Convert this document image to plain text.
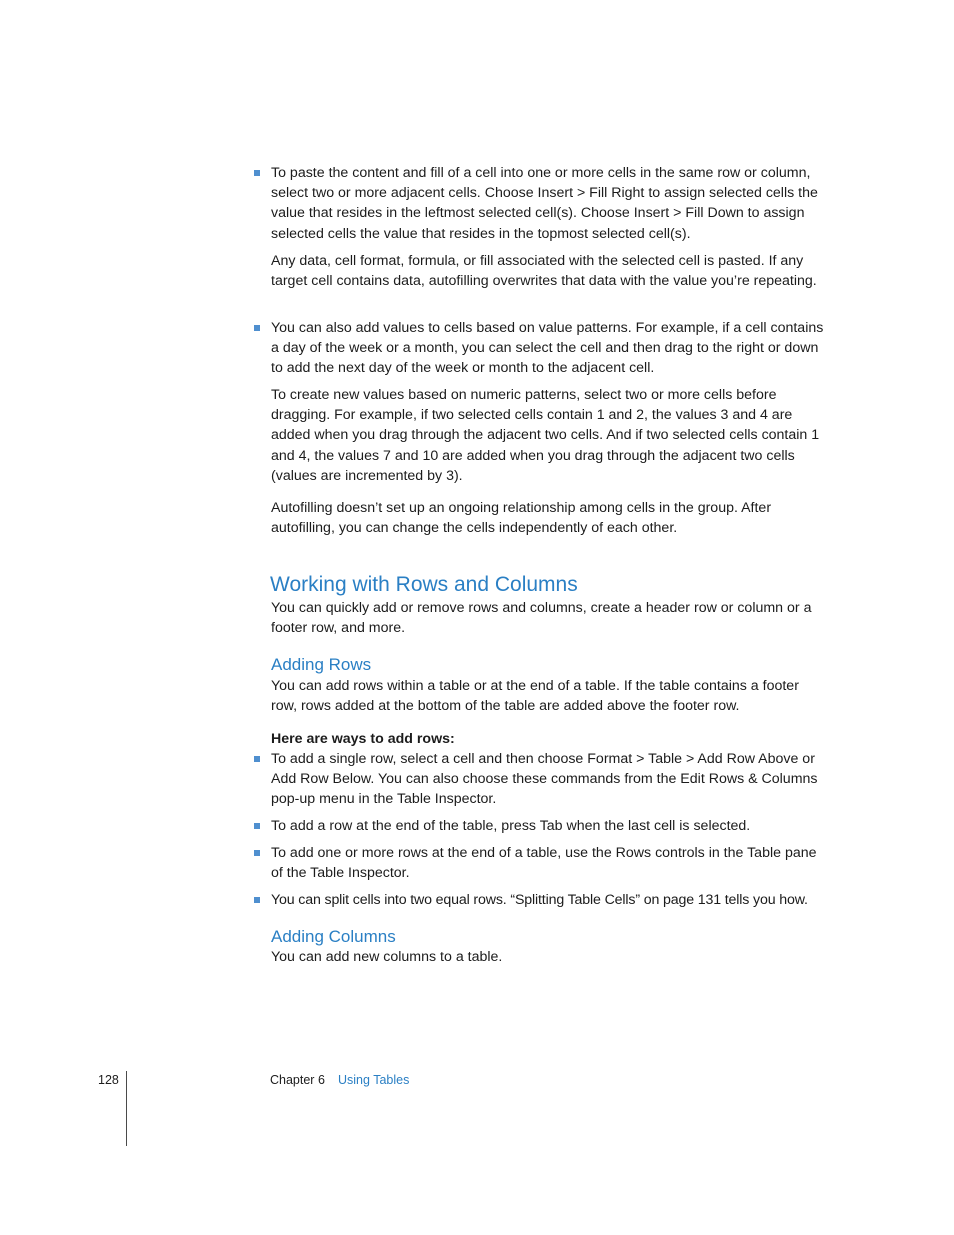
To paste the content and fill of a cell into one or more cells in the same row or column, select two or more adjacent cells. Choose Insert > Fill Right to assign selected cells the value that resides in the leftmost selected cell(s). Choose Insert > Fill Down to assign selected cells the value that resides in the topmost selected cell(s).

Any data, cell format, formula, or fill associated with the selected cell is pasted. If any target cell contains data, autofilling overwrites that data with the value you’re repeating.

You can also add values to cells based on value patterns. For example, if a cell contains a day of the week or a month, you can select the cell and then drag to the right or down to add the next day of the week or month to the adjacent cell.

To create new values based on numeric patterns, select two or more cells before dragging. For example, if two selected cells contain 1 and 2, the values 3 and 4 are added when you drag through the adjacent two cells. And if two selected cells contain 1 and 4, the values 7 and 10 are added when you drag through the adjacent two cells (values are incremented by 3).

Autofilling doesn’t set up an ongoing relationship among cells in the group. After autofilling, you can change the cells independently of each other.

Working with Rows and Columns

You can quickly add or remove rows and columns, create a header row or column or a footer row, and more.

Adding Rows

You can add rows within a table or at the end of a table. If the table contains a footer row, rows added at the bottom of the table are added above the footer row.

Here are ways to add rows:

To add a single row, select a cell and then choose Format > Table > Add Row Above or Add Row Below. You can also choose these commands from the Edit Rows & Columns pop-up menu in the Table Inspector.

To add a row at the end of the table, press Tab when the last cell is selected.

To add one or more rows at the end of a table, use the Rows controls in the Table pane of the Table Inspector.

You can split cells into two equal rows. “Splitting Table Cells” on page 131 tells you how.

Adding Columns

You can add new columns to a table.

128	Chapter 6 Using Tables
